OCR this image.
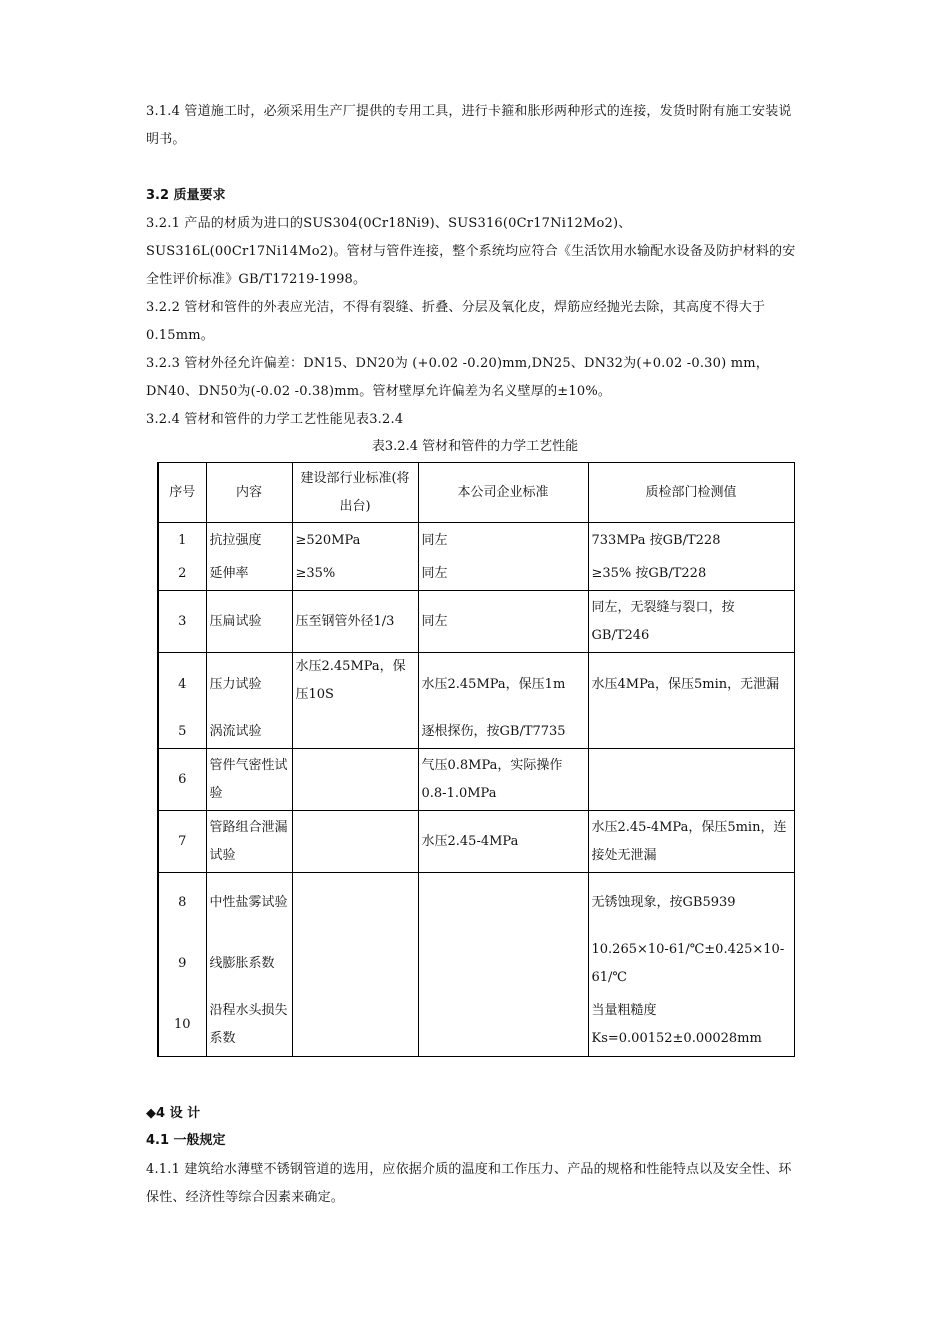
3.1.4 管道施工时，必须采用生产厂提供的专用工具，进行卡箍和胀形两种形式的连接，发货时附有施工安装说明书。

3.2 质量要求

3.2.1 产品的材质为进口的SUS304(0Cr18Ni9)、SUS316(0Cr17Ni12Mo2)、SUS316L(00Cr17Ni14Mo2)。管材与管件连接，整个系统均应符合《生活饮用水输配水设备及防护材料的安全性评价标准》GB/T17219-1998。

3.2.2 管材和管件的外表应光洁，不得有裂缝、折叠、分层及氧化皮，焊筋应经抛光去除，其高度不得大于0.15mm。

3.2.3 管材外径允许偏差：DN15、DN20为 (+0.02 -0.20)mm,DN25、DN32为(+0.02 -0.30) mm，DN40、DN50为(-0.02 -0.38)mm。管材壁厚允许偏差为名义壁厚的±10%。

3.2.4 管材和管件的力学工艺性能见表3.2.4

表3.2.4 管材和管件的力学工艺性能
序号	内容	建设部行业标准(将出台)	本公司企业标准	质检部门检测值
1	抗拉强度	≥520MPa	同左	733MPa 按GB/T228
2	延伸率	≥35%	同左	≥35% 按GB/T228
3	压扁试验	压至钢管外径1/3	同左	同左，无裂缝与裂口，按GB/T246
4	压力试验	水压2.45MPa，保压10S	水压2.45MPa，保压1m	水压4MPa，保压5min，无泄漏
5	涡流试验		逐根探伤，按GB/T7735	
6	管件气密性试验		气压0.8MPa，实际操作0.8-1.0MPa	
7	管路组合泄漏试验		水压2.45-4MPa	水压2.45-4MPa，保压5min，连接处无泄漏
8	中性盐雾试验			无锈蚀现象，按GB5939
9	线膨胀系数			10.265×10-61/℃±0.425×10-61/℃
10	沿程水头损失系数			当量粗糙度Ks=0.00152±0.00028mm
◆4 设 计
4.1 一般规定

4.1.1 建筑给水薄壁不锈钢管道的选用，应依据介质的温度和工作压力、产品的规格和性能特点以及安全性、环保性、经济性等综合因素来确定。
